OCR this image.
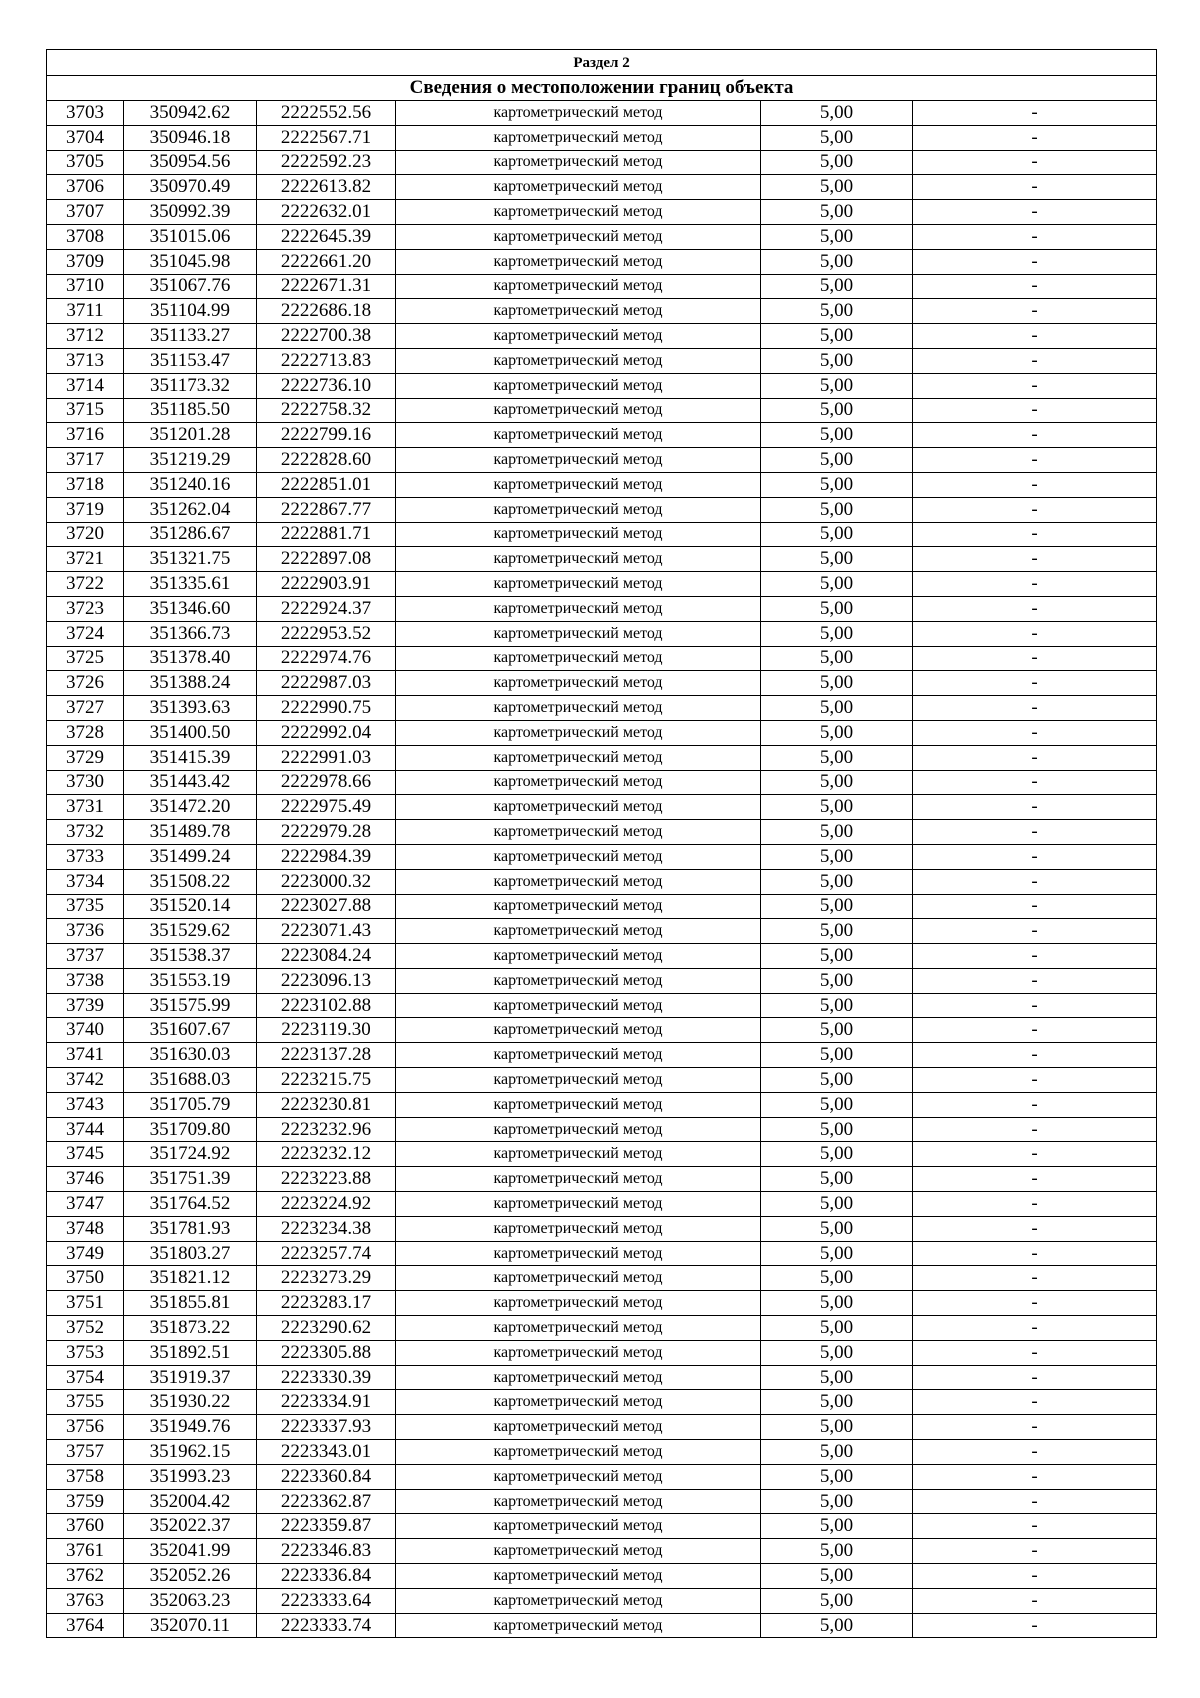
Раздел 2					
Сведения о местоположении границ объекта					
3703	350942.62	2222552.56	картометрический метод	5,00	-
3704	350946.18	2222567.71	картометрический метод	5,00	-
3705	350954.56	2222592.23	картометрический метод	5,00	-
3706	350970.49	2222613.82	картометрический метод	5,00	-
3707	350992.39	2222632.01	картометрический метод	5,00	-
3708	351015.06	2222645.39	картометрический метод	5,00	-
3709	351045.98	2222661.20	картометрический метод	5,00	-
3710	351067.76	2222671.31	картометрический метод	5,00	-
3711	351104.99	2222686.18	картометрический метод	5,00	-
3712	351133.27	2222700.38	картометрический метод	5,00	-
3713	351153.47	2222713.83	картометрический метод	5,00	-
3714	351173.32	2222736.10	картометрический метод	5,00	-
3715	351185.50	2222758.32	картометрический метод	5,00	-
3716	351201.28	2222799.16	картометрический метод	5,00	-
3717	351219.29	2222828.60	картометрический метод	5,00	-
3718	351240.16	2222851.01	картометрический метод	5,00	-
3719	351262.04	2222867.77	картометрический метод	5,00	-
3720	351286.67	2222881.71	картометрический метод	5,00	-
3721	351321.75	2222897.08	картометрический метод	5,00	-
3722	351335.61	2222903.91	картометрический метод	5,00	-
3723	351346.60	2222924.37	картометрический метод	5,00	-
3724	351366.73	2222953.52	картометрический метод	5,00	-
3725	351378.40	2222974.76	картометрический метод	5,00	-
3726	351388.24	2222987.03	картометрический метод	5,00	-
3727	351393.63	2222990.75	картометрический метод	5,00	-
3728	351400.50	2222992.04	картометрический метод	5,00	-
3729	351415.39	2222991.03	картометрический метод	5,00	-
3730	351443.42	2222978.66	картометрический метод	5,00	-
3731	351472.20	2222975.49	картометрический метод	5,00	-
3732	351489.78	2222979.28	картометрический метод	5,00	-
3733	351499.24	2222984.39	картометрический метод	5,00	-
3734	351508.22	2223000.32	картометрический метод	5,00	-
3735	351520.14	2223027.88	картометрический метод	5,00	-
3736	351529.62	2223071.43	картометрический метод	5,00	-
3737	351538.37	2223084.24	картометрический метод	5,00	-
3738	351553.19	2223096.13	картометрический метод	5,00	-
3739	351575.99	2223102.88	картометрический метод	5,00	-
3740	351607.67	2223119.30	картометрический метод	5,00	-
3741	351630.03	2223137.28	картометрический метод	5,00	-
3742	351688.03	2223215.75	картометрический метод	5,00	-
3743	351705.79	2223230.81	картометрический метод	5,00	-
3744	351709.80	2223232.96	картометрический метод	5,00	-
3745	351724.92	2223232.12	картометрический метод	5,00	-
3746	351751.39	2223223.88	картометрический метод	5,00	-
3747	351764.52	2223224.92	картометрический метод	5,00	-
3748	351781.93	2223234.38	картометрический метод	5,00	-
3749	351803.27	2223257.74	картометрический метод	5,00	-
3750	351821.12	2223273.29	картометрический метод	5,00	-
3751	351855.81	2223283.17	картометрический метод	5,00	-
3752	351873.22	2223290.62	картометрический метод	5,00	-
3753	351892.51	2223305.88	картометрический метод	5,00	-
3754	351919.37	2223330.39	картометрический метод	5,00	-
3755	351930.22	2223334.91	картометрический метод	5,00	-
3756	351949.76	2223337.93	картометрический метод	5,00	-
3757	351962.15	2223343.01	картометрический метод	5,00	-
3758	351993.23	2223360.84	картометрический метод	5,00	-
3759	352004.42	2223362.87	картометрический метод	5,00	-
3760	352022.37	2223359.87	картометрический метод	5,00	-
3761	352041.99	2223346.83	картометрический метод	5,00	-
3762	352052.26	2223336.84	картометрический метод	5,00	-
3763	352063.23	2223333.64	картометрический метод	5,00	-
3764	352070.11	2223333.74	картометрический метод	5,00	-
